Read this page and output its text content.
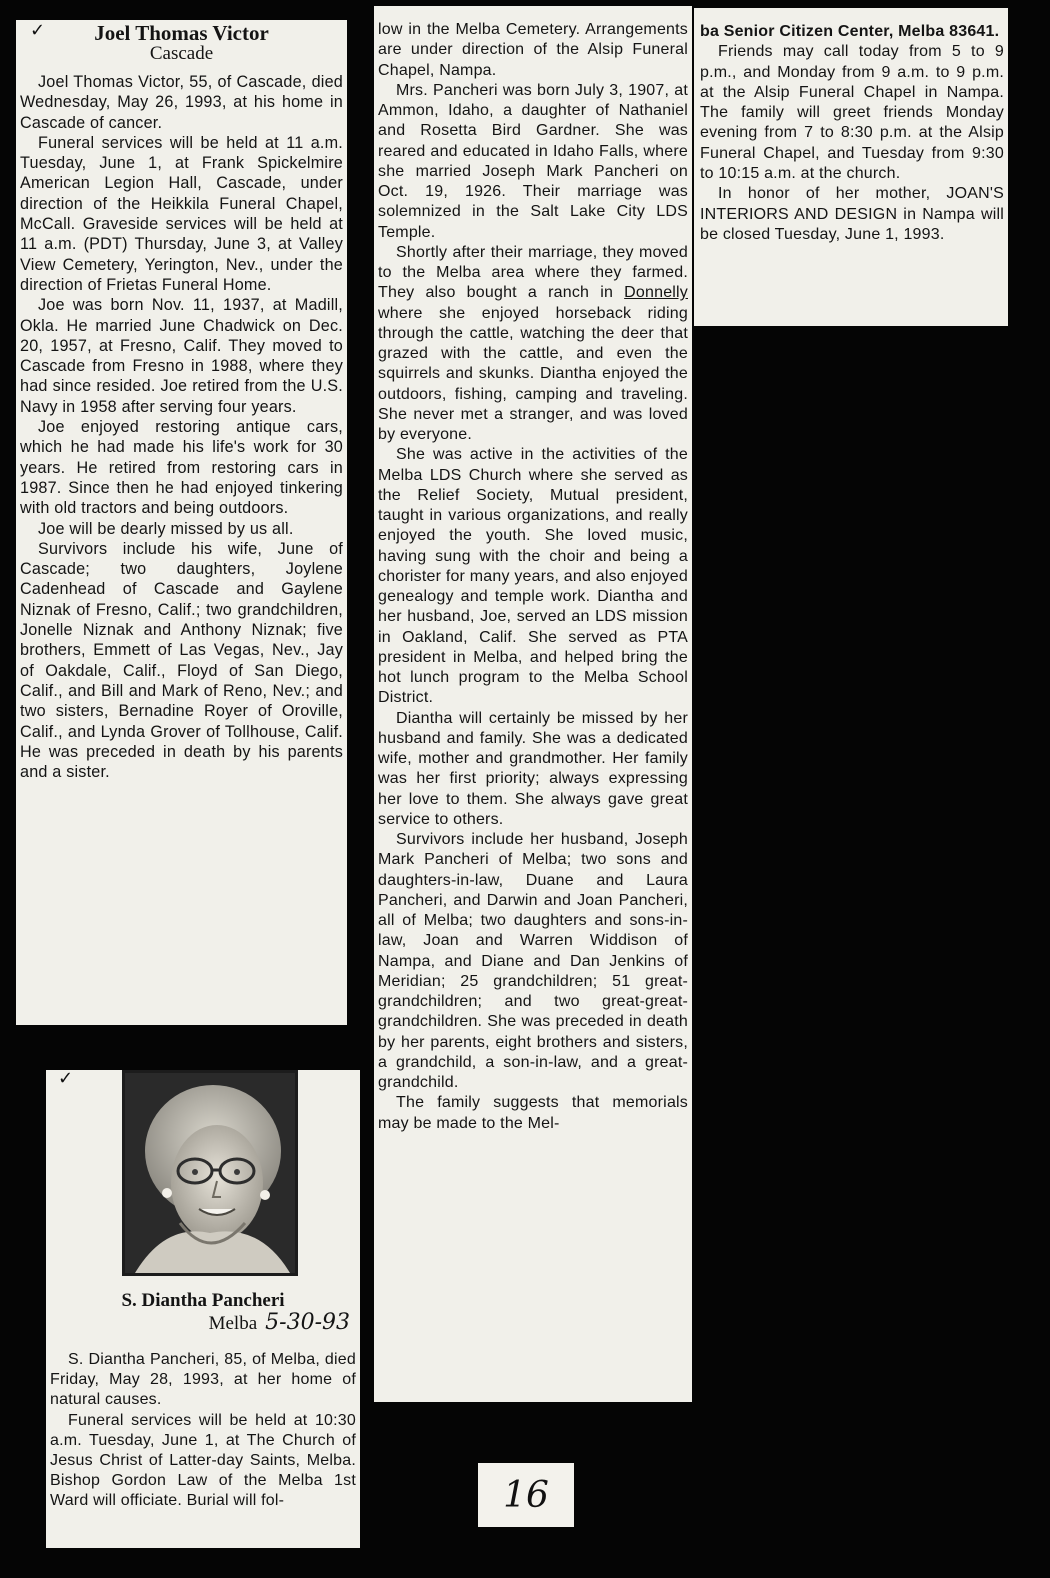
✓	Joel Thomas Victor
Cascade

Joel Thomas Victor, 55, of Cascade, died Wednesday, May 26, 1993, at his home in Cascade of cancer.

Funeral services will be held at 11 a.m. Tuesday, June 1, at Frank Spickelmire American Legion Hall, Cascade, under direction of the Heikkila Funeral Chapel, McCall. Graveside services will be held at 11 a.m. (PDT) Thursday, June 3, at Valley View Cemetery, Yerington, Nev., under the direction of Frietas Funeral Home.

Joe was born Nov. 11, 1937, at Madill, Okla. He married June Chadwick on Dec. 20, 1957, at Fresno, Calif. They moved to Cascade from Fresno in 1988, where they had since resided. Joe retired from the U.S. Navy in 1958 after serving four years.

Joe enjoyed restoring antique cars, which he had made his life's work for 30 years. He retired from restoring cars in 1987. Since then he had enjoyed tinkering with old tractors and being outdoors.

Joe will be dearly missed by us all.

Survivors include his wife, June of Cascade; two daughters, Joylene Cadenhead of Cascade and Gaylene Niznak of Fresno, Calif.; two grandchildren, Jonelle Niznak and Anthony Niznak; five brothers, Emmett of Las Vegas, Nev., Jay of Oakdale, Calif., Floyd of San Diego, Calif., and Bill and Mark of Reno, Nev.; and two sisters, Bernadine Royer of Oroville, Calif., and Lynda Grover of Tollhouse, Calif. He was preceded in death by his parents and a sister.

✓
S. Diantha Pancheri
Melba 5-30-93

S. Diantha Pancheri, 85, of Melba, died Friday, May 28, 1993, at her home of natural causes.

Funeral services will be held at 10:30 a.m. Tuesday, June 1, at The Church of Jesus Christ of Latter-day Saints, Melba. Bishop Gordon Law of the Melba 1st Ward will officiate. Burial will fol-

low in the Melba Cemetery. Arrangements are under direction of the Alsip Funeral Chapel, Nampa.

Mrs. Pancheri was born July 3, 1907, at Ammon, Idaho, a daughter of Nathaniel and Rosetta Bird Gardner. She was reared and educated in Idaho Falls, where she married Joseph Mark Pancheri on Oct. 19, 1926. Their marriage was solemnized in the Salt Lake City LDS Temple.

Shortly after their marriage, they moved to the Melba area where they farmed. They also bought a ranch in Donnelly where she enjoyed horseback riding through the cattle, watching the deer that grazed with the cattle, and even the squirrels and skunks. Diantha enjoyed the outdoors, fishing, camping and traveling. She never met a stranger, and was loved by everyone.

She was active in the activities of the Melba LDS Church where she served as the Relief Society, Mutual president, taught in various organizations, and really enjoyed the youth. She loved music, having sung with the choir and being a chorister for many years, and also enjoyed genealogy and temple work. Diantha and her husband, Joe, served an LDS mission in Oakland, Calif. She served as PTA president in Melba, and helped bring the hot lunch program to the Melba School District.

Diantha will certainly be missed by her husband and family. She was a dedicated wife, mother and grandmother. Her family was her first priority; always expressing her love to them. She always gave great service to others.

Survivors include her husband, Joseph Mark Pancheri of Melba; two sons and daughters-in-law, Duane and Laura Pancheri, and Darwin and Joan Pancheri, all of Melba; two daughters and sons-in-law, Joan and Warren Widdison of Nampa, and Diane and Dan Jenkins of Meridian; 25 grandchildren; 51 great-grandchildren; and two great-great-grandchildren. She was preceded in death by her parents, eight brothers and sisters, a grandchild, a son-in-law, and a great-grandchild.

The family suggests that memorials may be made to the Mel-

ba Senior Citizen Center, Melba 83641.

Friends may call today from 5 to 9 p.m., and Monday from 9 a.m. to 9 p.m. at the Alsip Funeral Chapel in Nampa. The family will greet friends Monday evening from 7 to 8:30 p.m. at the Alsip Funeral Chapel, and Tuesday from 9:30 to 10:15 a.m. at the church.

In honor of her mother, JOAN'S INTERIORS AND DESIGN in Nampa will be closed Tuesday, June 1, 1993.

16
